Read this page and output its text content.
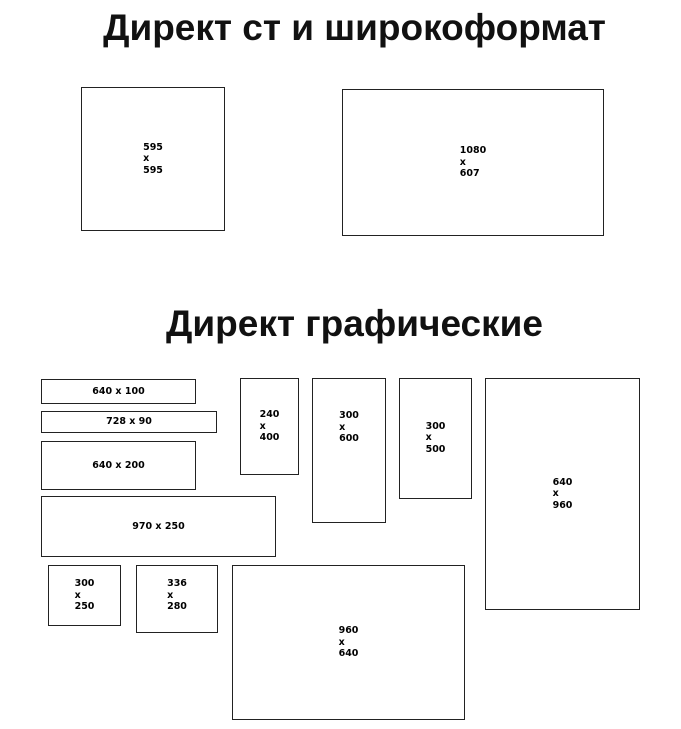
Директ ст и широкоформат
595
x
595
1080
x
607
Директ графические
640 x 100
728 x 90
640 x 200
970 x 250
240
x
400
300
x
600
300
x
500
640
x
960
300
x
250
336
x
280
960
x
640
